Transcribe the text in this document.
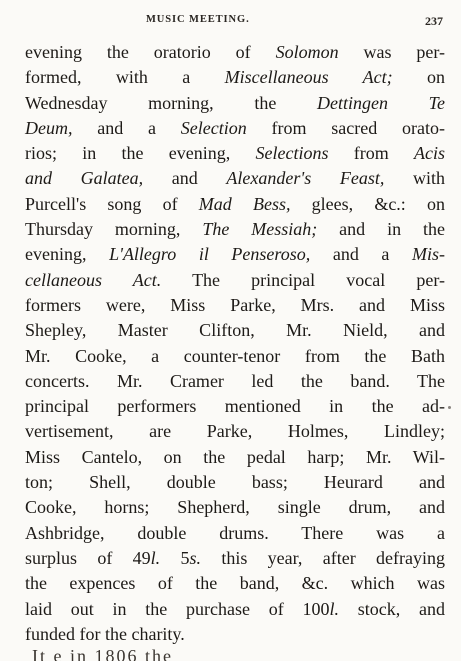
MUSIC MEETING.	237
evening the oratorio of Solomon was per-
formed, with a Miscellaneous Act; on
Wednesday morning, the Dettingen Te
Deum, and a Selection from sacred orato-
rios; in the evening, Selections from Acis
and Galatea, and Alexander's Feast, with
Purcell's song of Mad Bess, glees, &c.: on
Thursday morning, The Messiah; and in the
evening, L'Allegro il Penseroso, and a Mis-
cellaneous Act. The principal vocal per-
formers were, Miss Parke, Mrs. and Miss
Shepley, Master Clifton, Mr. Nield, and
Mr. Cooke, a counter-tenor from the Bath
concerts. Mr. Cramer led the band. The
principal performers mentioned in the ad-
vertisement, are Parke, Holmes, Lindley;
Miss Cantelo, on the pedal harp; Mr. Wil-
ton; Shell, double bass; Heurard and
Cooke, horns; Shepherd, single drum, and
Ashbridge, double drums. There was a
surplus of 49l. 5s. this year, after defraying
the expences of the band, &c. which was
laid out in the purchase of 100l. stock, and
funded for the charity.
It e in 1806 the
